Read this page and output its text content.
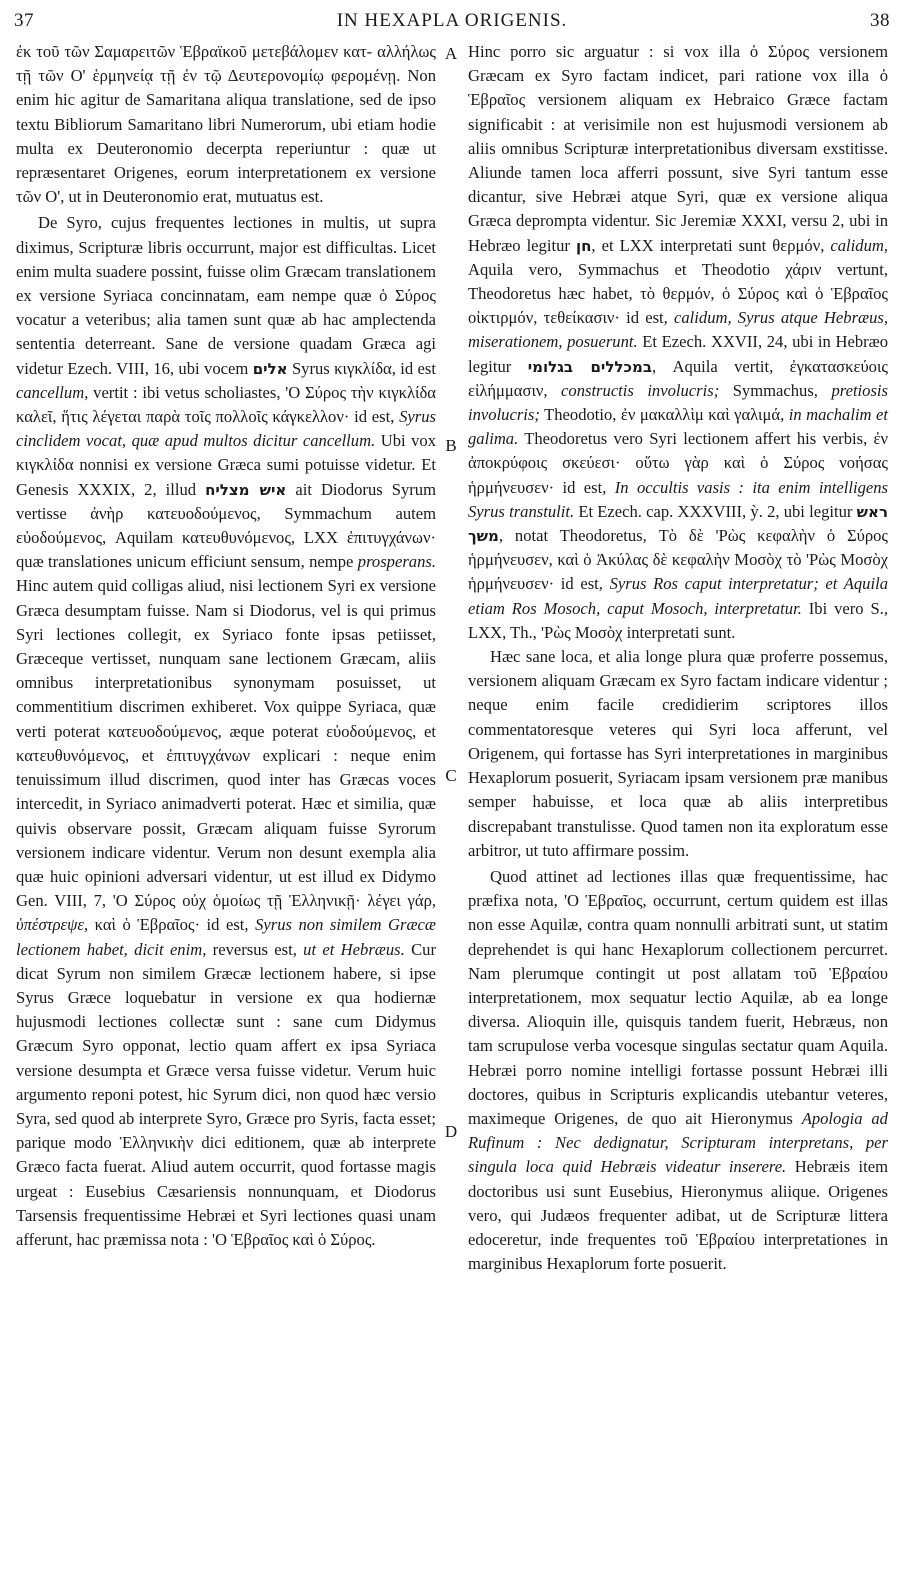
37	IN HEXAPLA ORIGENIS.	38
A
B
C
D

ἐκ τοῦ τῶν Σαμαρειτῶν Ἑβραϊκοῦ μετεβάλομεν κατ- αλλήλως τῇ τῶν Ο' ἑρμηνείᾳ τῇ ἐν τῷ Δευτερονομίῳ φερομένῃ. Non enim hic agitur de Samaritana aliqua translatione, sed de ipso textu Bibliorum Samaritano libri Numerorum, ubi etiam hodie multa ex Deuteronomio decerpta reperiuntur : quæ ut repræsentaret Origenes, eorum interpretationem ex versione τῶν Ο', ut in Deuteronomio erat, mutuatus est.

De Syro, cujus frequentes lectiones in multis, ut supra diximus, Scripturæ libris occurrunt, major est difficultas. Licet enim multa suadere possint, fuisse olim Græcam translationem ex versione Syriaca concinnatam, eam nempe quæ ὁ Σύρος vocatur a veteribus; alia tamen sunt quæ ab hac amplectenda sententia deterreant. Sane de versione quadam Græca agi videtur Ezech. VIII, 16, ubi vocem אלים Syrus κιγκλίδα, id est cancellum, vertit : ibi vetus scholiastes, 'Ο Σύρος τὴν κιγκλίδα καλεῖ, ἥτις λέγεται παρὰ τοῖς πολλοῖς κάγκελλον· id est, Syrus cinclidem vocat, quæ apud multos dicitur cancellum. Ubi vox κιγκλίδα nonnisi ex versione Græca sumi potuisse videtur. Et Genesis XXXIX, 2, illud איש מצליח ait Diodorus Syrum vertisse ἀνὴρ κατευοδούμενος, Symmachum autem εὐοδούμενος, Aquilam κατευθυνόμενος, LXX ἐπιτυγχάνων· quæ translationes unicum efficiunt sensum, nempe prosperans. Hinc autem quid colligas aliud, nisi lectionem Syri ex versione Græca desumptam fuisse. Nam si Diodorus, vel is qui primus Syri lectiones collegit, ex Syriaco fonte ipsas petiisset, Græceque vertisset, nunquam sane lectionem Græcam, aliis omnibus interpretationibus synonymam posuisset, ut commentitium discrimen exhiberet. Vox quippe Syriaca, quæ verti poterat κατευοδούμενος, æque poterat εὐοδούμενος, et κατευθυνόμενος, et ἐπιτυγχάνων explicari : neque enim tenuissimum illud discrimen, quod inter has Græcas voces intercedit, in Syriaco animadverti poterat. Hæc et similia, quæ quivis observare possit, Græcam aliquam fuisse Syrorum versionem indicare videntur. Verum non desunt exempla alia quæ huic opinioni adversari videntur, ut est illud ex Didymo Gen. VIII, 7, 'Ο Σύρος οὐχ ὁμοίως τῇ Ἑλληνικῇ· λέγει γάρ, ὑπέστρεψε, καὶ ὁ Ἑβραῖος· id est, Syrus non similem Græcæ lectionem habet, dicit enim, reversus est, ut et Hebræus. Cur dicat Syrum non similem Græcæ lectionem habere, si ipse Syrus Græce loquebatur in versione ex qua hodiernæ hujusmodi lectiones collectæ sunt : sane cum Didymus Græcum Syro opponat, lectio quam affert ex ipsa Syriaca versione desumpta et Græce versa fuisse videtur. Verum huic argumento reponi potest, hic Syrum dici, non quod hæc versio Syra, sed quod ab interprete Syro, Græce pro Syris, facta esset; parique modo Ἑλληνικὴν dici editionem, quæ ab interprete Græco facta fuerat. Aliud autem occurrit, quod fortasse magis urgeat : Eusebius Cæsariensis nonnunquam, et Diodorus Tarsensis frequentissime Hebræi et Syri lectiones quasi unam afferunt, hac præmissa nota : 'Ο Ἑβραῖος καὶ ὁ Σύρος.

Hinc porro sic arguatur : si vox illa ὁ Σύρος versionem Græcam ex Syro factam indicet, pari ratione vox illa ὁ Ἑβραῖος versionem aliquam ex Hebraico Græce factam significabit : at verisimile non est hujusmodi versionem ab aliis omnibus Scripturæ interpretationibus diversam exstitisse. Aliunde tamen loca afferri possunt, sive Syri tantum esse dicantur, sive Hebræi atque Syri, quæ ex versione aliqua Græca deprompta videntur. Sic Jeremiæ XXXI, versu 2, ubi in Hebræo legitur חן, et LXX interpretati sunt θερμόν, calidum, Aquila vero, Symmachus et Theodotio χάριν vertunt, Theodoretus hæc habet, τὸ θερμόν, ὁ Σύρος καὶ ὁ Ἑβραῖος οἰκτιρμόν, τεθείκασιν· id est, calidum, Syrus atque Hebræus, miserationem, posuerunt. Et Ezech. XXVII, 24, ubi in Hebræo legitur במכללים בגלומי, Aquila vertit, ἐγκατασκεύοις εἰλήμμασιν, constructis involucris; Symmachus, pretiosis involucris; Theodotio, ἐν μακαλλὶμ καὶ γαλιμά, in machalim et galima. Theodoretus vero Syri lectionem affert his verbis, ἐν ἀποκρύφοις σκεύεσι· οὕτω γὰρ καὶ ὁ Σύρος νοήσας ἡρμήνευσεν· id est, In occultis vasis : ita enim intelligens Syrus transtulit. Et Ezech. cap. XXXVIII, ỳ. 2, ubi legitur ראש משך, notat Theodoretus, Τὸ δὲ 'Ρὼς κεφαλὴν ὁ Σύρος ἡρμήνευσεν, καὶ ὁ Ἀκύλας δὲ κεφαλὴν Μοσὸχ τὸ 'Ρὼς Μοσὸχ ἡρμήνευσεν· id est, Syrus Ros caput interpretatur; et Aquila etiam Ros Mosoch, caput Mosoch, interpretatur. Ibi vero S., LXX, Th., 'Ρὼς Μοσὸχ interpretati sunt.

Hæc sane loca, et alia longe plura quæ proferre possemus, versionem aliquam Græcam ex Syro factam indicare videntur ; neque enim facile credidierim scriptores illos commentatoresque veteres qui Syri loca afferunt, vel Origenem, qui fortasse has Syri interpretationes in marginibus Hexaplorum posuerit, Syriacam ipsam versionem præ manibus semper habuisse, et loca quæ ab aliis interpretibus discrepabant transtulisse. Quod tamen non ita exploratum esse arbitror, ut tuto affirmare possim.

Quod attinet ad lectiones illas quæ frequentissime, hac præfixa nota, 'Ο Ἑβραῖος, occurrunt, certum quidem est illas non esse Aquilæ, contra quam nonnulli arbitrati sunt, ut statim deprehendet is qui hanc Hexaplorum collectionem percurret. Nam plerumque contingit ut post allatam τοῦ Ἑβραίου interpretationem, mox sequatur lectio Aquilæ, ab ea longe diversa. Alioquin ille, quisquis tandem fuerit, Hebræus, non tam scrupulose verba vocesque singulas sectatur quam Aquila. Hebræi porro nomine intelligi fortasse possunt Hebræi illi doctores, quibus in Scripturis explicandis utebantur veteres, maximeque Origenes, de quo ait Hieronymus Apologia ad Rufinum : Nec dedignatur, Scripturam interpretans, per singula loca quid Hebræis videatur inserere. Hebræis item doctoribus usi sunt Eusebius, Hieronymus aliique. Origenes vero, qui Judæos frequenter adibat, ut de Scripturæ littera edoceretur, inde frequentes τοῦ Ἑβραίου interpretationes in marginibus Hexaplorum forte posuerit.
